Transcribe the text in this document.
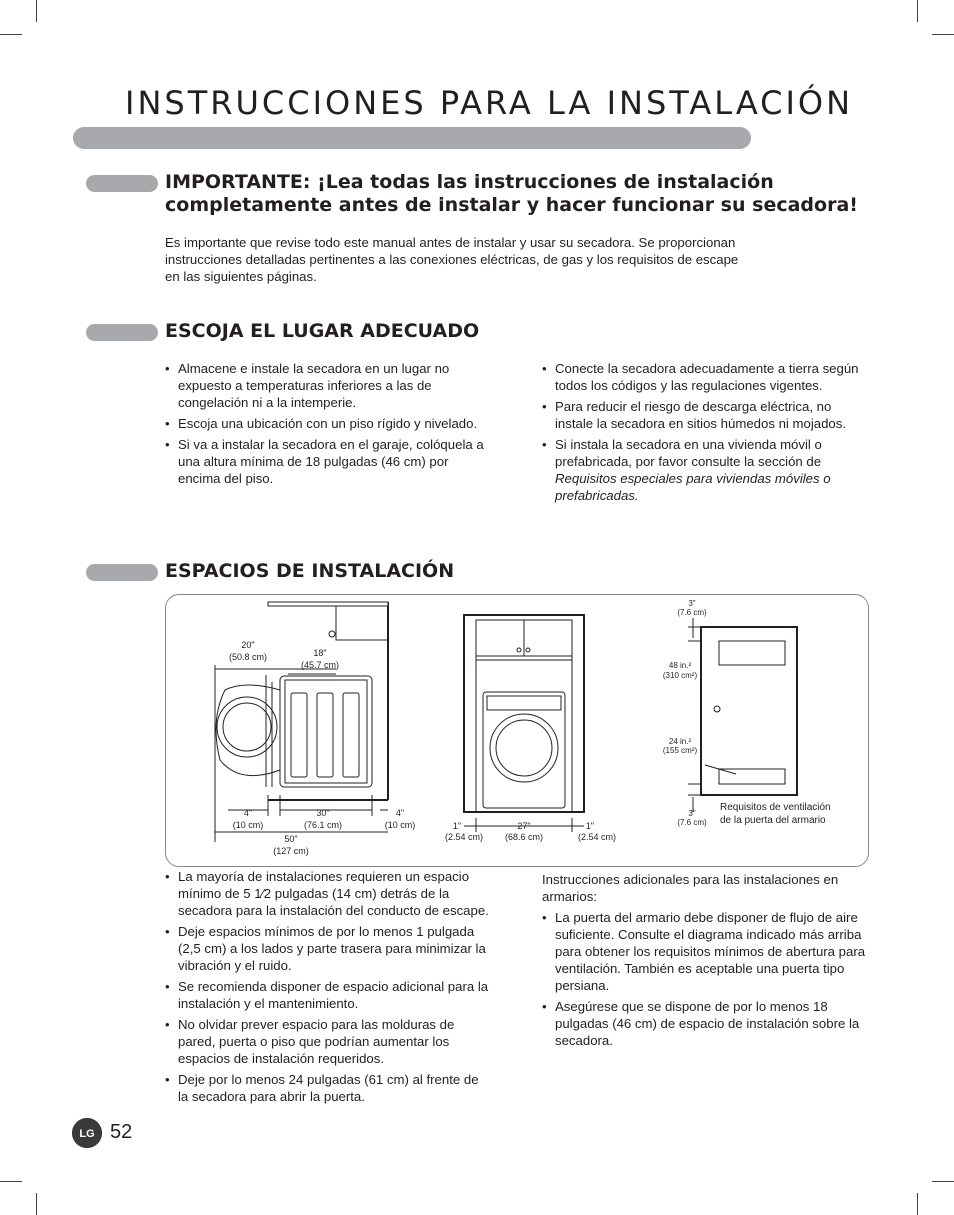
INSTRUCCIONES PARA LA INSTALACIÓN
IMPORTANTE: ¡Lea todas las instrucciones de instalación
completamente antes de instalar y hacer funcionar su secadora!

Es importante que revise todo este manual antes de instalar y usar su secadora. Se proporcionan
instrucciones detalladas pertinentes a las conexiones eléctricas, de gas y los requisitos de escape
en las siguientes páginas.

ESCOJA EL LUGAR ADECUADO
• Almacene e instale la secadora en un lugar no expuesto a temperaturas inferiores a las de congelación ni a la intemperie.
• Escoja una ubicación con un piso rígido y nivelado.
• Si va a instalar la secadora en el garaje, colóquela a una altura mínima de 18 pulgadas (46 cm) por encima del piso.
• Conecte la secadora adecuadamente a tierra según todos los códigos y las regulaciones vigentes.
• Para reducir el riesgo de descarga eléctrica, no instale la secadora en sitios húmedos ni mojados.
• Si instala la secadora en una vivienda móvil o prefabricada, por favor consulte la sección de Requisitos especiales para viviendas móviles o prefabricadas.
ESPACIOS DE INSTALACIÓN
20"
(50.8 cm)	18"
(45.7 cm)
4"
(10 cm)
30"
(76.1 cm)
4"
(10 cm)
50"
(127 cm)
1"
(2.54 cm)
27"
(68.6 cm)
1"
(2.54 cm)
3"
(7.6 cm)
48 in.²
(310 cm²)
24 in.²
(155 cm²)
3"
(7.6 cm)
Requisitos de ventilación
de la puerta del armario
• La mayoría de instalaciones requieren un espacio mínimo de 5 1⁄2 pulgadas (14 cm) detrás de la secadora para la instalación del conducto de escape.
• Deje espacios mínimos de por lo menos 1 pulgada (2,5 cm) a los lados y parte trasera para minimizar la vibración y el ruido.
• Se recomienda disponer de espacio adicional para la instalación y el mantenimiento.
• No olvidar prever espacio para las molduras de pared, puerta o piso que podrían aumentar los espacios de instalación requeridos.
• Deje por lo menos 24 pulgadas (61 cm) al frente de la secadora para abrir la puerta.

Instrucciones adicionales para las instalaciones en armarios:

• La puerta del armario debe disponer de flujo de aire suficiente. Consulte el diagrama indicado más arriba para obtener los requisitos mínimos de abertura para ventilación. También es aceptable una puerta tipo persiana.
• Asegúrese que se dispone de por lo menos 18 pulgadas (46 cm) de espacio de instalación sobre la secadora.
LG 52
